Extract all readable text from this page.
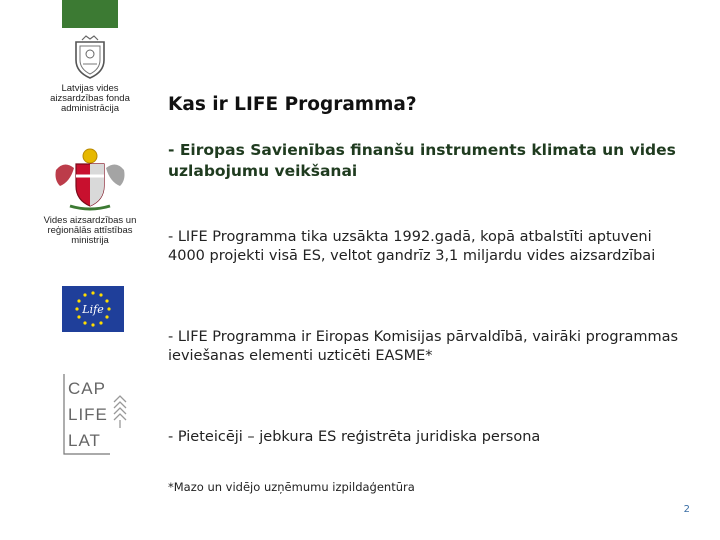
Latvijas vides
aizsardzības fonda
administrācija
Vides aizsardzības un
reģionālās attīstības
ministrija
Life
CAP
LIFE
LAT
Kas ir LIFE Programma?
- Eiropas Savienības finanšu instruments klimata un vides uzlabojumu veikšanai
- LIFE Programma tika uzsākta 1992.gadā, kopā atbalstīti aptuveni 4000 projekti visā ES, veltot gandrīz 3,1 miljardu vides aizsardzībai
- LIFE Programma ir Eiropas Komisijas pārvaldībā, vairāki programmas ieviešanas elementi uzticēti EASME*
- Pieteicēji – jebkura ES reģistrēta juridiska persona
*Mazo un vidējo uzņēmumu izpildaģentūra
2
